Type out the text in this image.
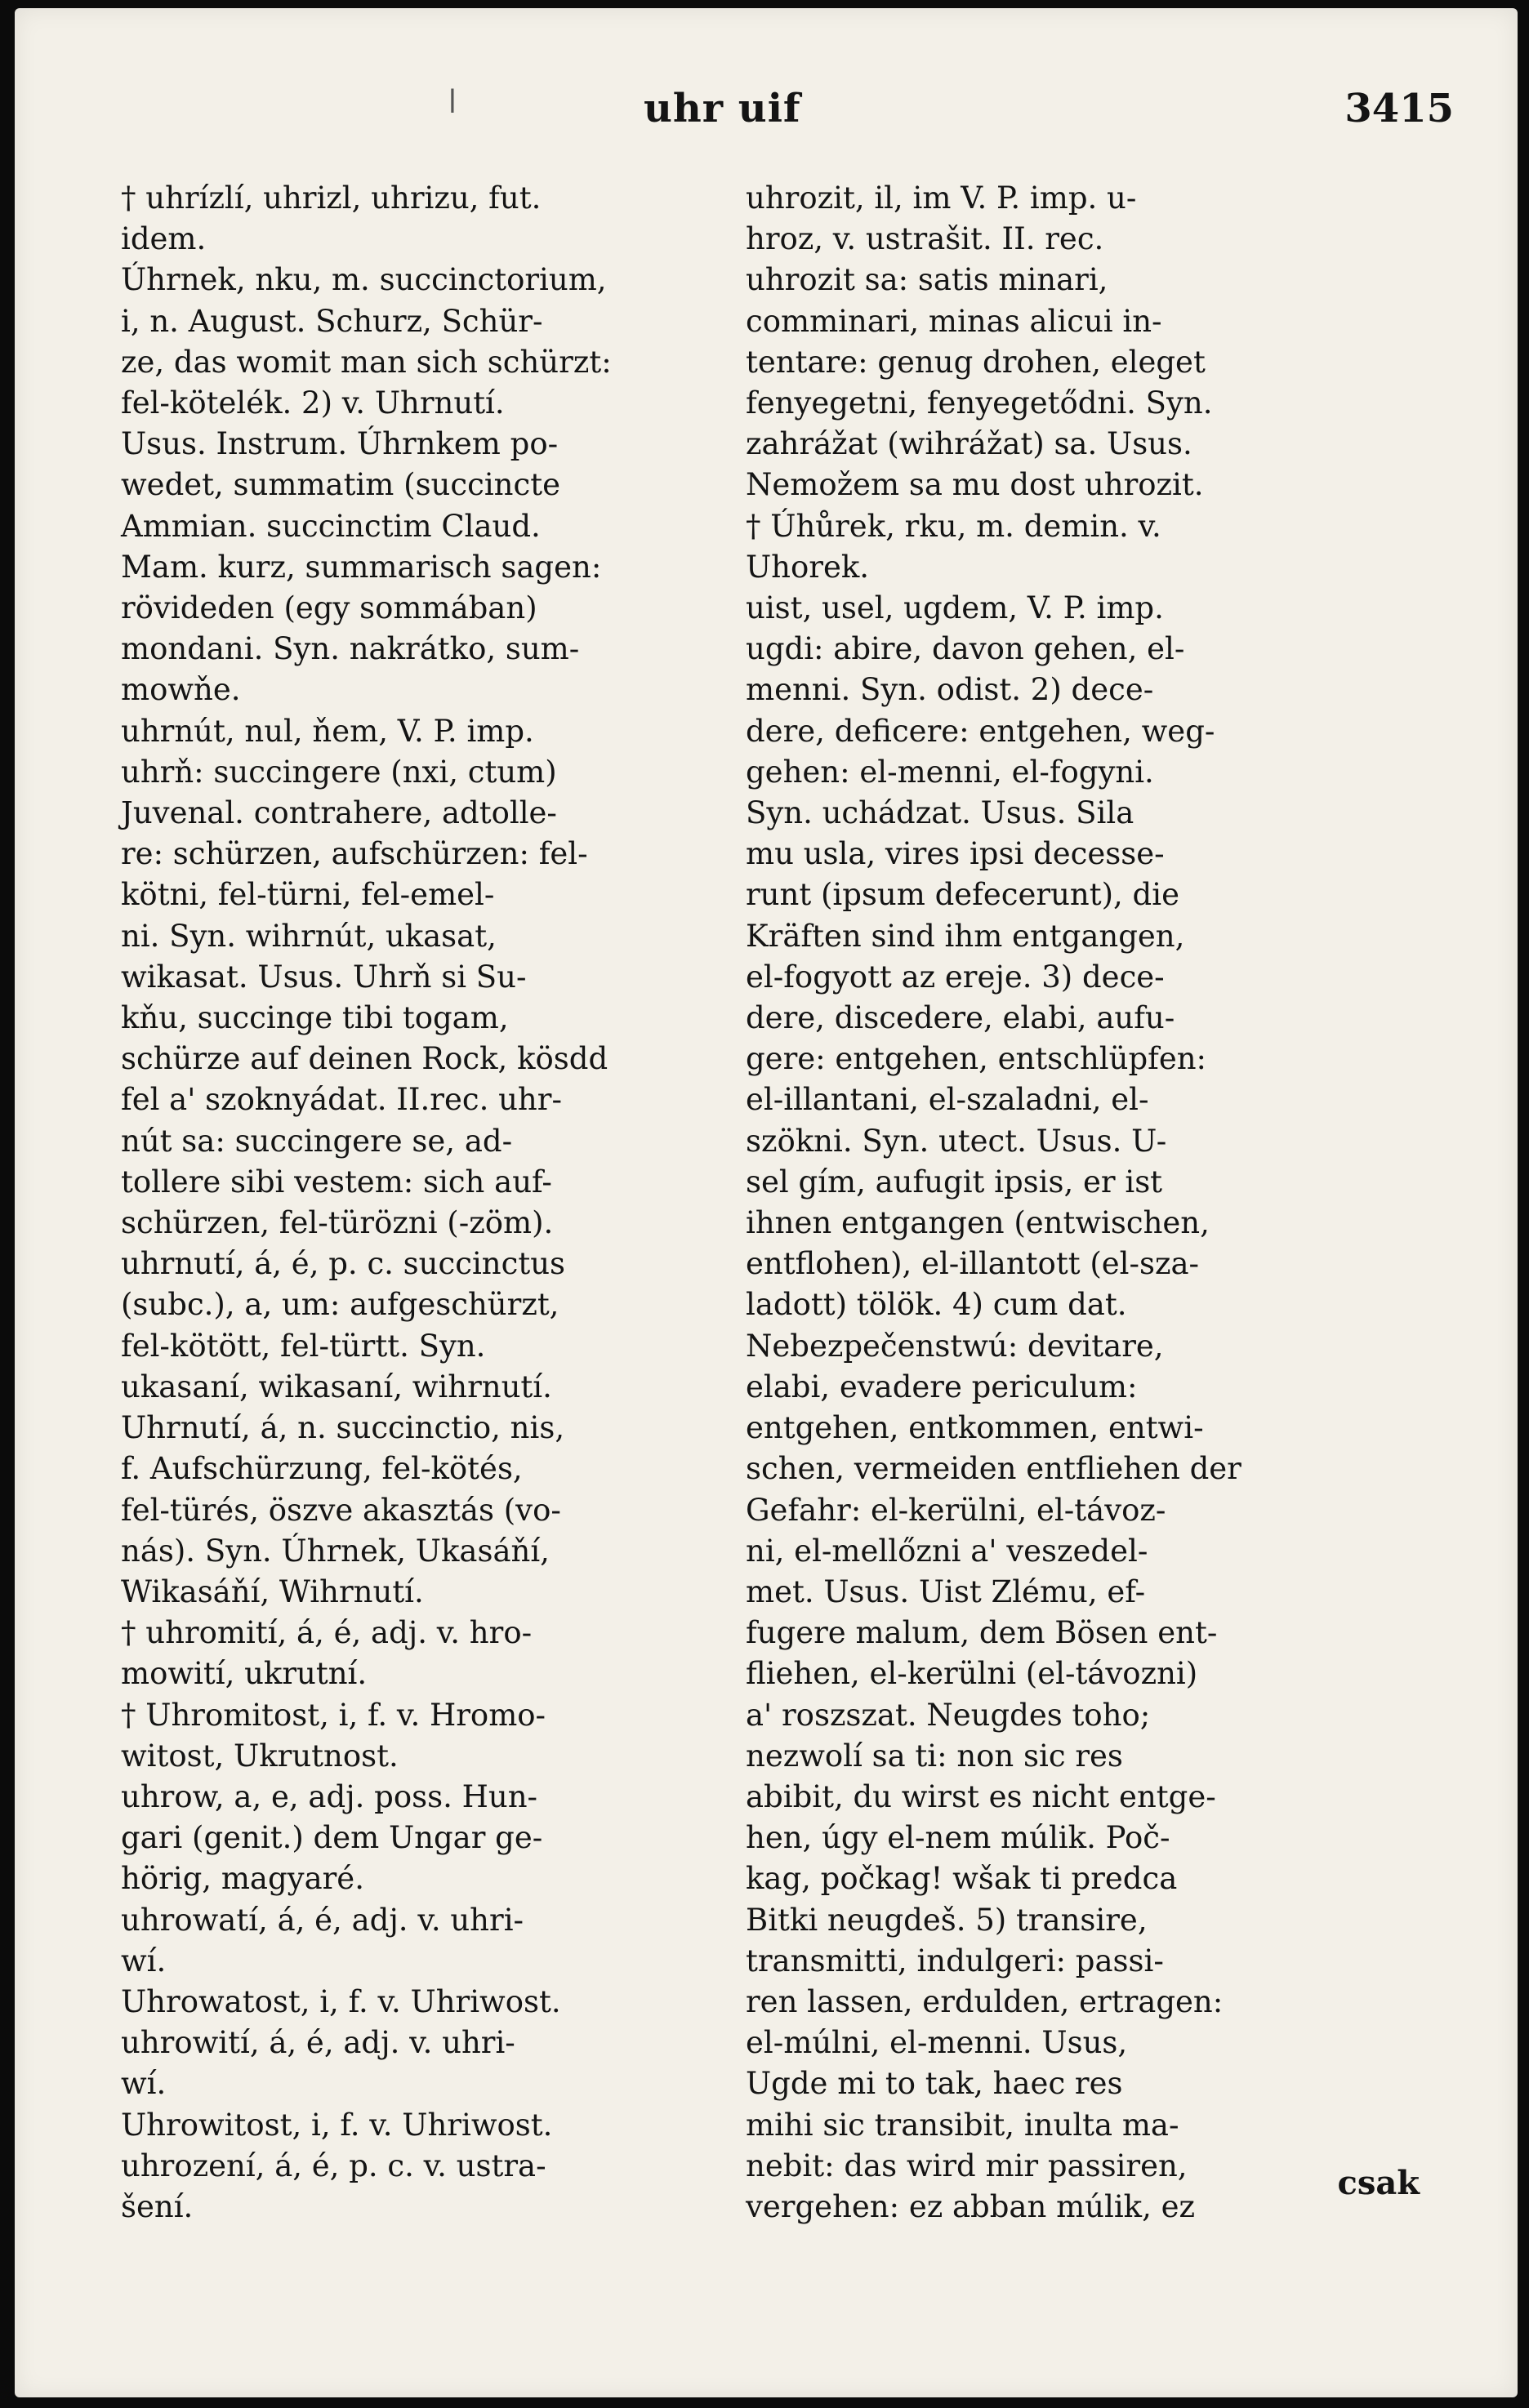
ǀ	uhr uif	3415
† uhrízlí, uhrizl, uhrizu, fut.
idem.
Úhrnek, nku, m. succinctorium,
i, n. August. Schurz, Schür-
ze, das womit man sich schürzt:
fel-kötelék. 2) v. Uhrnutí.
Usus. Instrum. Úhrnkem po-
wedet, summatim (succincte
Ammian. succinctim Claud.
Mam. kurz, summarisch sagen:
rövideden (egy sommában)
mondani. Syn. nakrátko, sum-
mowňe.
uhrnút, nul, ňem, V. P. imp.
uhrň: succingere (nxi, ctum)
Juvenal. contrahere, adtolle-
re: schürzen, aufschürzen: fel-
kötni, fel-türni, fel-emel-
ni. Syn. wihrnút, ukasat,
wikasat. Usus. Uhrň si Su-
kňu, succinge tibi togam,
schürze auf deinen Rock, kösdd
fel a' szoknyádat. II.rec. uhr-
nút sa: succingere se, ad-
tollere sibi vestem: sich auf-
schürzen, fel-türözni (-zöm).
uhrnutí, á, é, p. c. succinctus
(subc.), a, um: aufgeschürzt,
fel-kötött, fel-türtt. Syn.
ukasaní, wikasaní, wihrnutí.
Uhrnutí, á, n. succinctio, nis,
f. Aufschürzung, fel-kötés,
fel-türés, öszve akasztás (vo-
nás). Syn. Úhrnek, Ukasáňí,
Wikasáňí, Wihrnutí.
† uhromití, á, é, adj. v. hro-
mowití, ukrutní.
† Uhromitost, i, f. v. Hromo-
witost, Ukrutnost.
uhrow, a, e, adj. poss. Hun-
gari (genit.) dem Ungar ge-
hörig, magyaré.
uhrowatí, á, é, adj. v. uhri-
wí.
Uhrowatost, i, f. v. Uhriwost.
uhrowití, á, é, adj. v. uhri-
wí.
Uhrowitost, i, f. v. Uhriwost.
uhrození, á, é, p. c. v. ustra-
šení.
uhrozit, il, im V. P. imp. u-
hroz, v. ustrašit. II. rec.
uhrozit sa: satis minari,
comminari, minas alicui in-
tentare: genug drohen, eleget
fenyegetni, fenyegetődni. Syn.
zahrážat (wihrážat) sa. Usus.
Nemožem sa mu dost uhrozit.
† Úhůrek, rku, m. demin. v.
Uhorek.
uist, usel, ugdem, V. P. imp.
ugdi: abire, davon gehen, el-
menni. Syn. odist. 2) dece-
dere, deficere: entgehen, weg-
gehen: el-menni, el-fogyni.
Syn. uchádzat. Usus. Sila
mu usla, vires ipsi decesse-
runt (ipsum defecerunt), die
Kräften sind ihm entgangen,
el-fogyott az ereje. 3) dece-
dere, discedere, elabi, aufu-
gere: entgehen, entschlüpfen:
el-illantani, el-szaladni, el-
szökni. Syn. utect. Usus. U-
sel gím, aufugit ipsis, er ist
ihnen entgangen (entwischen,
entflohen), el-illantott (el-sza-
ladott) tölök. 4) cum dat.
Nebezpečenstwú: devitare,
elabi, evadere periculum:
entgehen, entkommen, entwi-
schen, vermeiden entfliehen der
Gefahr: el-kerülni, el-távoz-
ni, el-mellőzni a' veszedel-
met. Usus. Uist Zlému, ef-
fugere malum, dem Bösen ent-
fliehen, el-kerülni (el-távozni)
a' roszszat. Neugdes toho;
nezwolí sa ti: non sic res
abibit, du wirst es nicht entge-
hen, úgy el-nem múlik. Poč-
kag, počkag! wšak ti predca
Bitki neugdeš. 5) transire,
transmitti, indulgeri: passi-
ren lassen, erdulden, ertragen:
el-múlni, el-menni. Usus,
Ugde mi to tak, haec res
mihi sic transibit, inulta ma-
nebit: das wird mir passiren,
vergehen: ez abban múlik, ez
csak
